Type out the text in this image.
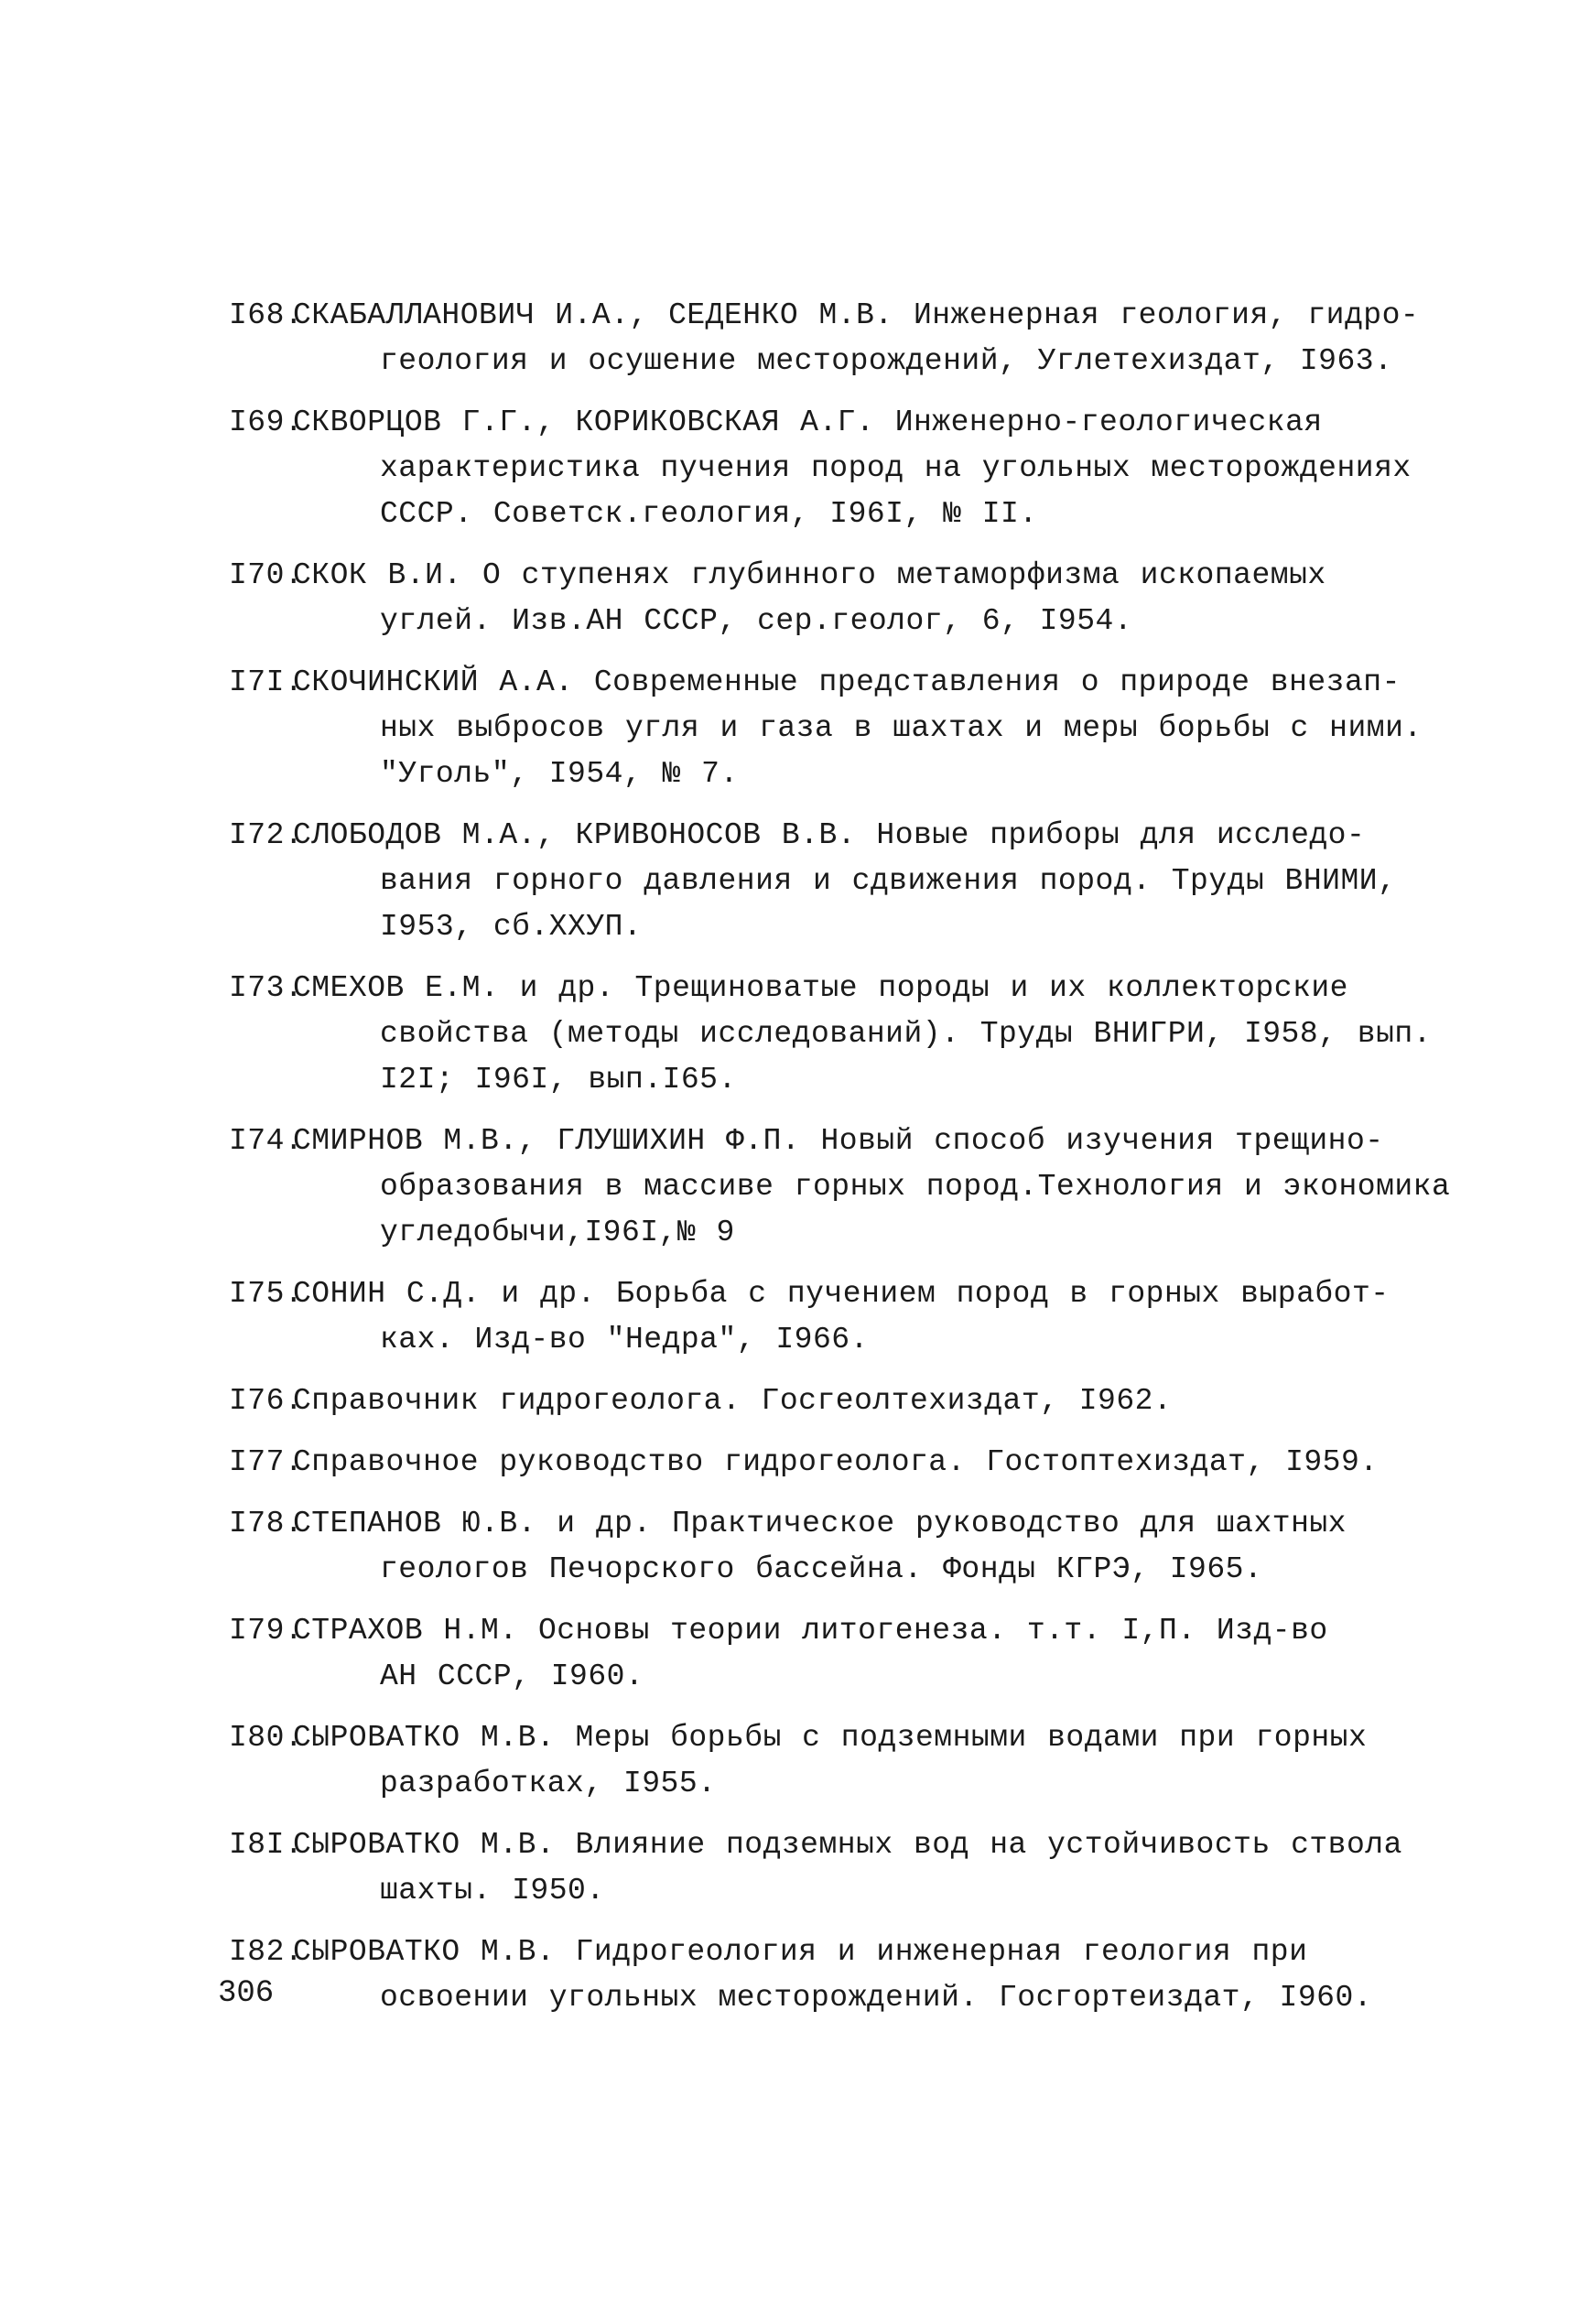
I68.
СКАБАЛЛАНОВИЧ И.А., СЕДЕНКО М.В. Инженерная геология, гидро-
геология и осушение месторождений, Углетехиздат, I963.
I69.
СКВОРЦОВ Г.Г., КОРИКОВСКАЯ А.Г. Инженерно-геологическая
характеристика пучения пород на угольных месторождениях
СССР. Советск.геология, I96I, № II.
I70.
СКОК В.И. О ступенях глубинного метаморфизма ископаемых
углей. Изв.АН СССР, сер.геолог, 6, I954.
I7I.
СКОЧИНСКИЙ А.А. Современные представления о природе внезап-
ных выбросов угля и газа в шахтах и меры борьбы с ними.
"Уголь", I954, № 7.
I72.
СЛОБОДОВ М.А., КРИВОНОСОВ В.В. Новые приборы для исследо-
вания горного давления и сдвижения пород. Труды ВНИМИ,
I953, сб.ХХУП.
I73.
СМЕХОВ Е.М. и др. Трещиноватые породы и их коллекторские
свойства (методы исследований). Труды ВНИГРИ, I958, вып.
I2I; I96I, вып.I65.
I74.
СМИРНОВ М.В., ГЛУШИХИН Ф.П. Новый способ изучения трещино-
образования в массиве горных пород.Технология и экономика
угледобычи,I96I,№ 9
I75.
СОНИН С.Д. и др. Борьба с пучением пород в горных выработ-
ках. Изд-во "Недра", I966.
I76.
Справочник гидрогеолога. Госгеолтехиздат, I962.
I77.
Справочное руководство гидрогеолога. Гостоптехиздат, I959.
I78.
СТЕПАНОВ Ю.В. и др. Практическое руководство для шахтных
геологов Печорского бассейна. Фонды КГРЭ, I965.
I79.
СТРАХОВ Н.М. Основы теории литогенеза. т.т. I,П. Изд-во
АН СССР, I960.
I80.
СЫРОВАТКО М.В. Меры борьбы с подземными водами при горных
разработках, I955.
I8I.
СЫРОВАТКО М.В. Влияние подземных вод на устойчивость ствола
шахты. I950.
I82.
СЫРОВАТКО М.В. Гидрогеология и инженерная геология при
освоении угольных месторождений. Госгортеиздат, I960.
306
